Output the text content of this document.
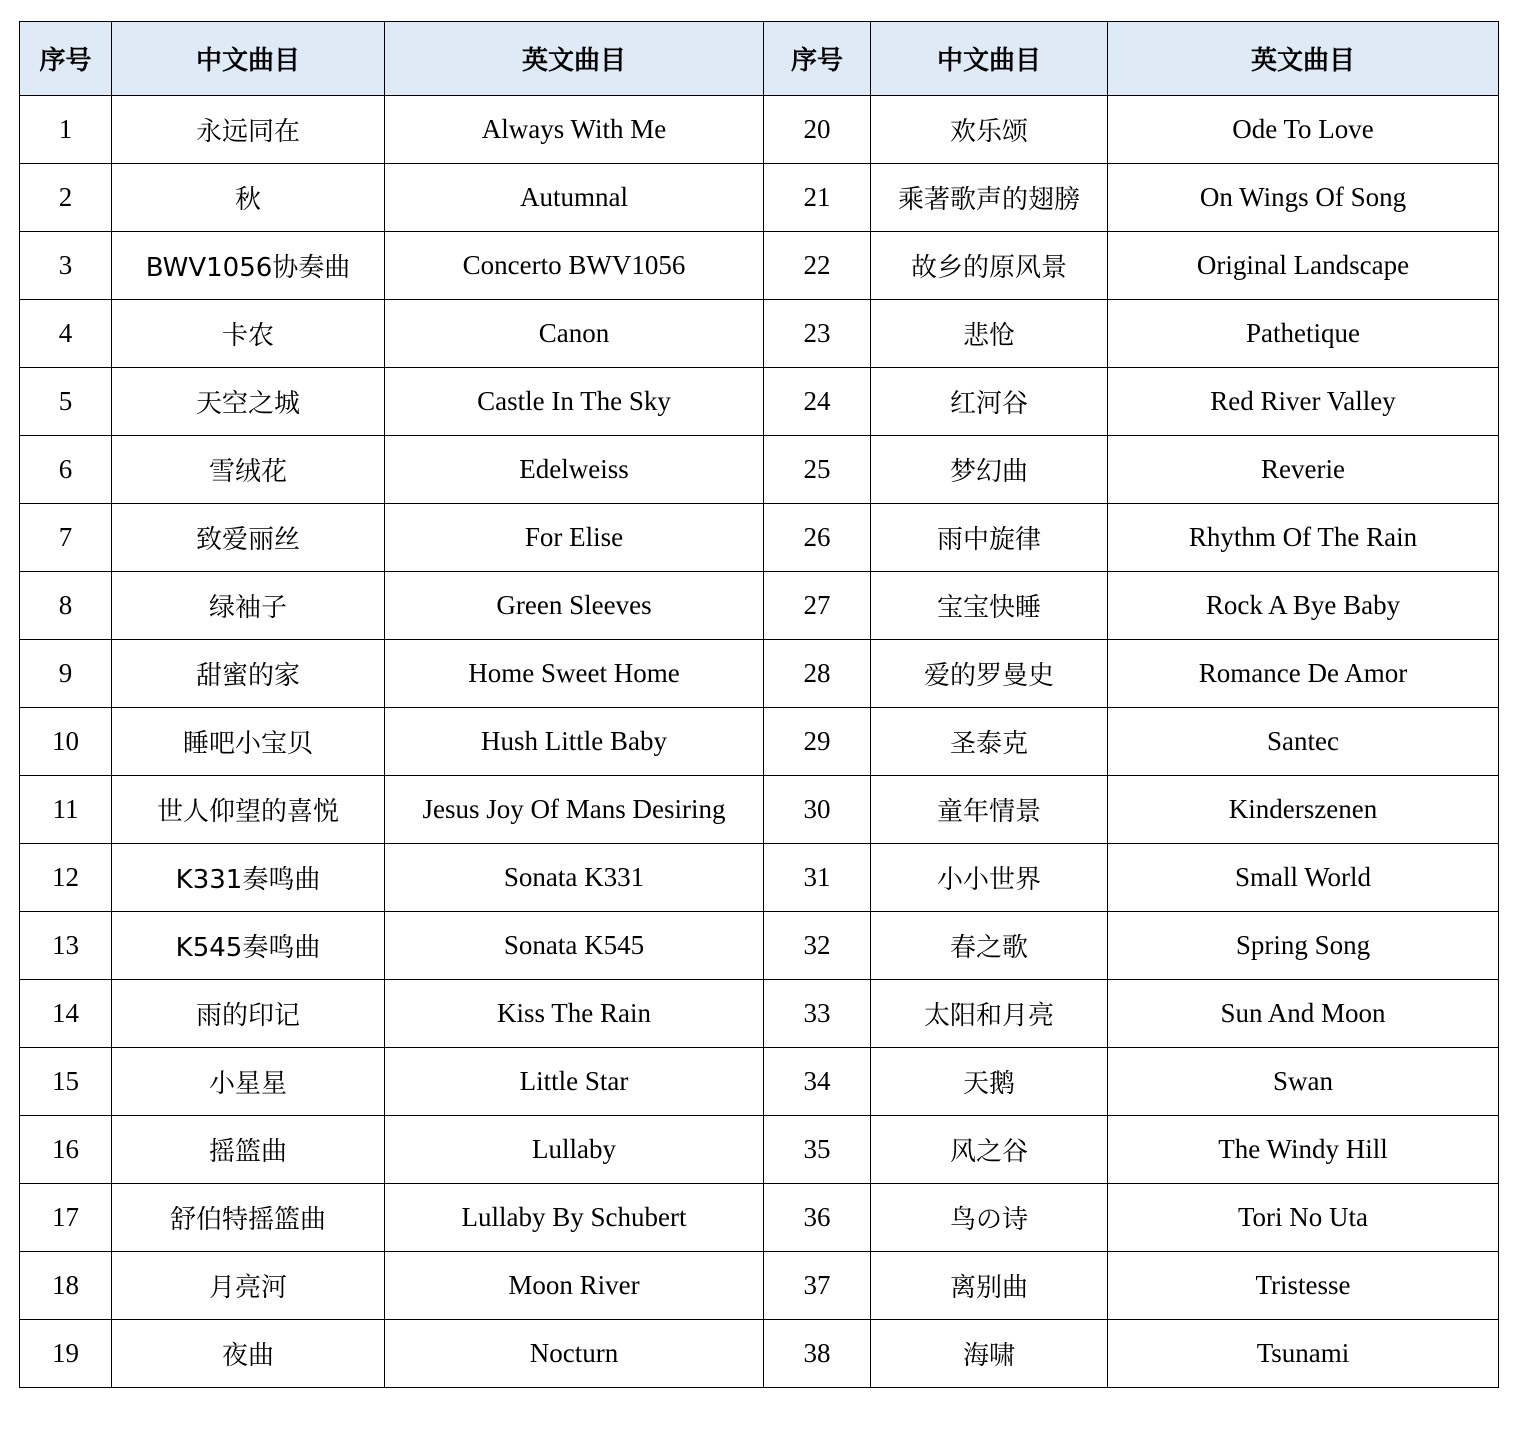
序号	中文曲目	英文曲目	序号	中文曲目	英文曲目
1	永远同在	Always With Me	20	欢乐颂	Ode To Love
2	秋	Autumnal	21	乘著歌声的翅膀	On Wings Of Song
3	BWV1056协奏曲	Concerto BWV1056	22	故乡的原风景	Original Landscape
4	卡农	Canon	23	悲怆	Pathetique
5	天空之城	Castle In The Sky	24	红河谷	Red River Valley
6	雪绒花	Edelweiss	25	梦幻曲	Reverie
7	致爱丽丝	For Elise	26	雨中旋律	Rhythm Of The Rain
8	绿袖子	Green Sleeves	27	宝宝快睡	Rock A Bye Baby
9	甜蜜的家	Home Sweet Home	28	爱的罗曼史	Romance De Amor
10	睡吧小宝贝	Hush Little Baby	29	圣泰克	Santec
11	世人仰望的喜悦	Jesus Joy Of Mans Desiring	30	童年情景	Kinderszenen
12	K331奏鸣曲	Sonata K331	31	小小世界	Small World
13	K545奏鸣曲	Sonata K545	32	春之歌	Spring Song
14	雨的印记	Kiss The Rain	33	太阳和月亮	Sun And Moon
15	小星星	Little Star	34	天鹅	Swan
16	摇篮曲	Lullaby	35	风之谷	The Windy Hill
17	舒伯特摇篮曲	Lullaby By Schubert	36	鸟の诗	Tori No Uta
18	月亮河	Moon River	37	离别曲	Tristesse
19	夜曲	Nocturn	38	海啸	Tsunami
